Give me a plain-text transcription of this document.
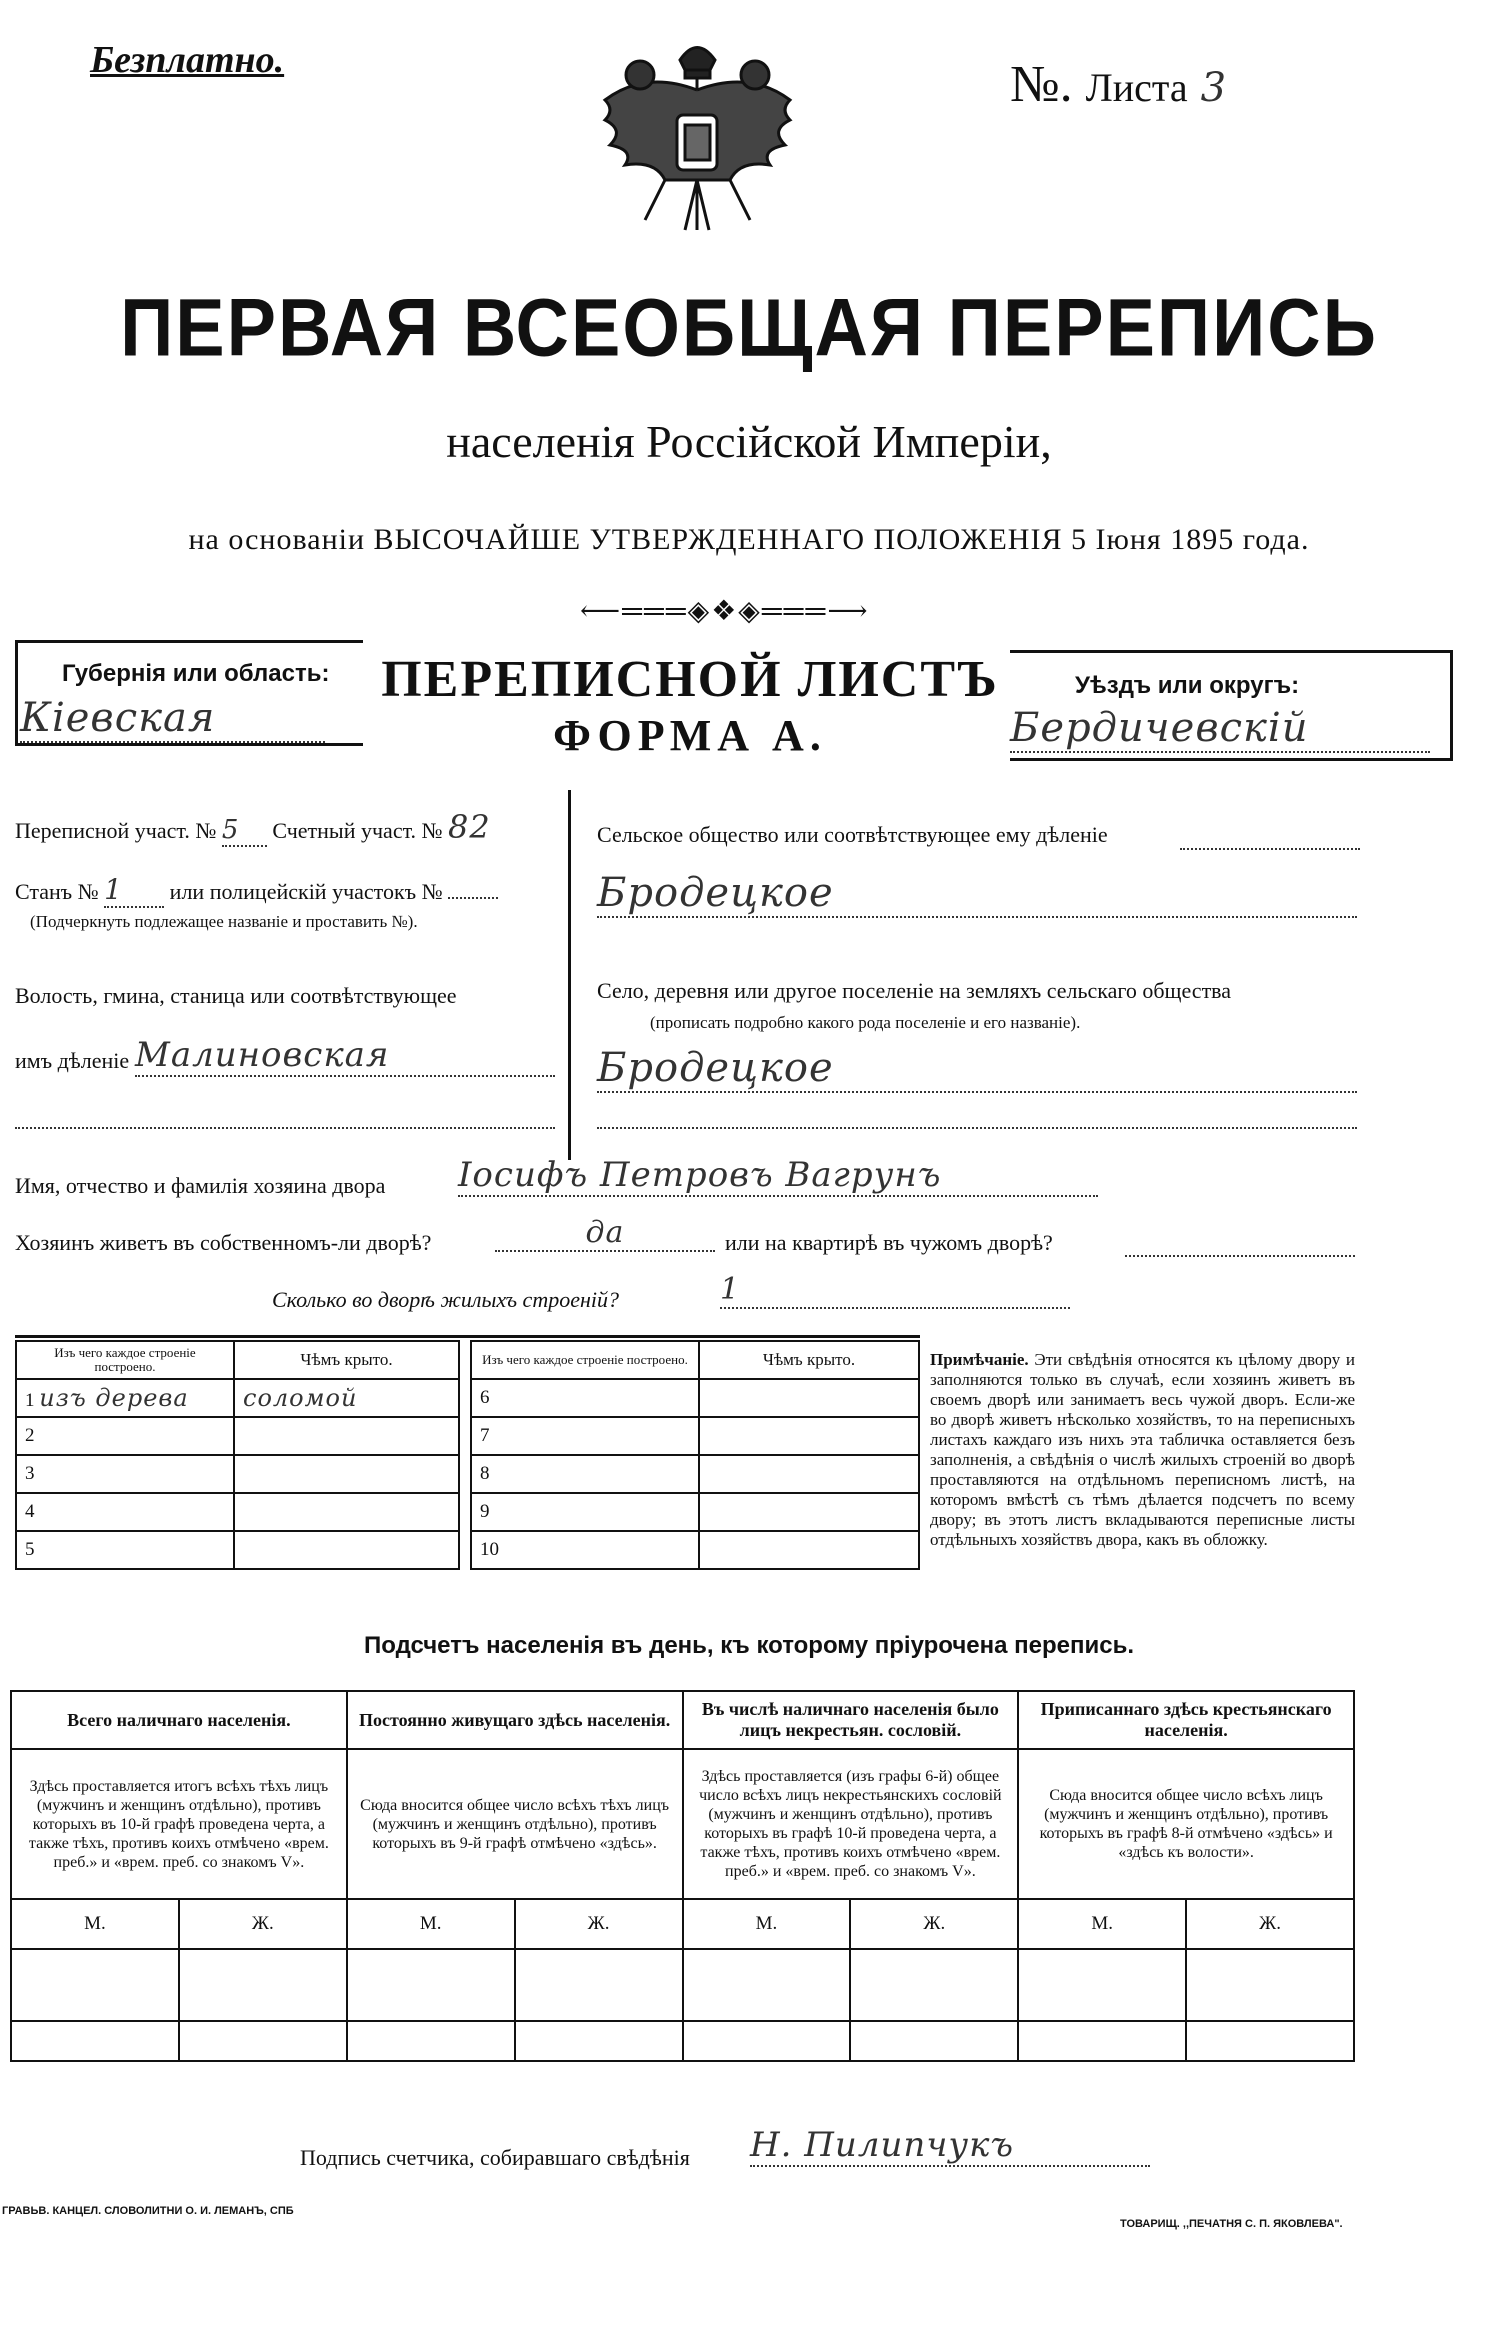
Безплатно.	№. Листа 3
ПЕРВАЯ ВСЕОБЩАЯ ПЕРЕПИСЬ
населенія Россійской Имперіи,
на основаніи ВЫСОЧАЙШЕ УТВЕРЖДЕННАГО ПОЛОЖЕНІЯ 5 Іюня 1895 года.
⟵═══◈❖◈═══⟶
Губернія или область:
Кіевская
ПЕРЕПИСНОЙ ЛИСТЪ
ФОРМА А.
Уѣздъ или округъ:
Бердичевскій
Переписной участ. № 5 Счетный участ. № 82
Станъ № 1 или полицейскій участокъ №
(Подчеркнуть подлежащее названіе и проставить №).
Волость, гмина, станица или соотвѣтствующее
имъ дѣленіе Малиновская
Сельское общество или соотвѣтствующее ему дѣленіе
Бродецкое
Село, деревня или другое поселеніе на земляхъ сельскаго общества
(прописать подробно какого рода поселеніе и его названіе).
Бродецкое
Имя, отчество и фамилія хозяина двора Іосифъ Петровъ Вагрунъ
Хозяинъ живетъ въ собственномъ-ли дворѣ?	да	или на квартирѣ въ чужомъ дворѣ?
Сколько во дворѣ жилыхъ строеній?	1
Изъ чего каждое строеніе построено.	Чѣмъ крыто.
1 изъ дерева	соломой
2	
3	
4	
5	
Изъ чего каждое строеніе построено.	Чѣмъ крыто.
6	
7	
8	
9	
10	
Примѣчаніе. Эти свѣдѣнія относятся къ цѣлому двору и заполняются только въ случаѣ, если хозяинъ живетъ въ своемъ дворѣ или занимаетъ весь чужой дворъ. Если-же во дворѣ живетъ нѣсколько хозяйствъ, то на переписныхъ листахъ каждаго изъ нихъ эта табличка оставляется безъ заполненія, а свѣдѣнія о числѣ жилыхъ строеній во дворѣ проставляются на отдѣльномъ переписномъ листѣ, на которомъ вмѣстѣ съ тѣмъ дѣлается подсчетъ по всему двору; въ этотъ листъ вкладываются переписные листы отдѣльныхъ хозяйствъ двора, какъ въ обложку.
Подсчетъ населенія въ день, къ которому пріурочена перепись.
Всего наличнаго населенія.		Постоянно живущаго здѣсь населенія.		Въ числѣ наличнаго населенія было лицъ некрестьян. сословій.		Приписаннаго здѣсь крестьянскаго населенія.	
Здѣсь проставляется итогъ всѣхъ тѣхъ лицъ (мужчинъ и женщинъ отдѣльно), противъ которыхъ въ 10-й графѣ проведена черта, а также тѣхъ, противъ коихъ отмѣчено «врем. преб.» и «врем. преб. со знакомъ V».		Сюда вносится общее число всѣхъ тѣхъ лицъ (мужчинъ и женщинъ отдѣльно), противъ которыхъ въ 9-й графѣ отмѣчено «здѣсь».		Здѣсь проставляется (изъ графы 6-й) общее число всѣхъ лицъ некрестьянскихъ сословій (мужчинъ и женщинъ отдѣльно), противъ которыхъ въ графѣ 10-й проведена черта, а также тѣхъ, противъ коихъ отмѣчено «врем. преб.» и «врем. преб. со знакомъ V».		Сюда вносится общее число всѣхъ лицъ (мужчинъ и женщинъ отдѣльно), противъ которыхъ въ графѣ 8-й отмѣчено «здѣсь» и «здѣсь къ волости».	
М.	Ж.	М.	Ж.	М.	Ж.	М.	Ж.

Подпись счетчика, собиравшаго свѣдѣнія Н. Пилипчукъ
ГРАВЬВ. КАНЦЕЛ. СЛОВОЛИТНИ О. И. ЛЕМАНЪ, СПБ
ТОВАРИЩ. ,,ПЕЧАТНЯ С. П. ЯКОВЛЕВА".
